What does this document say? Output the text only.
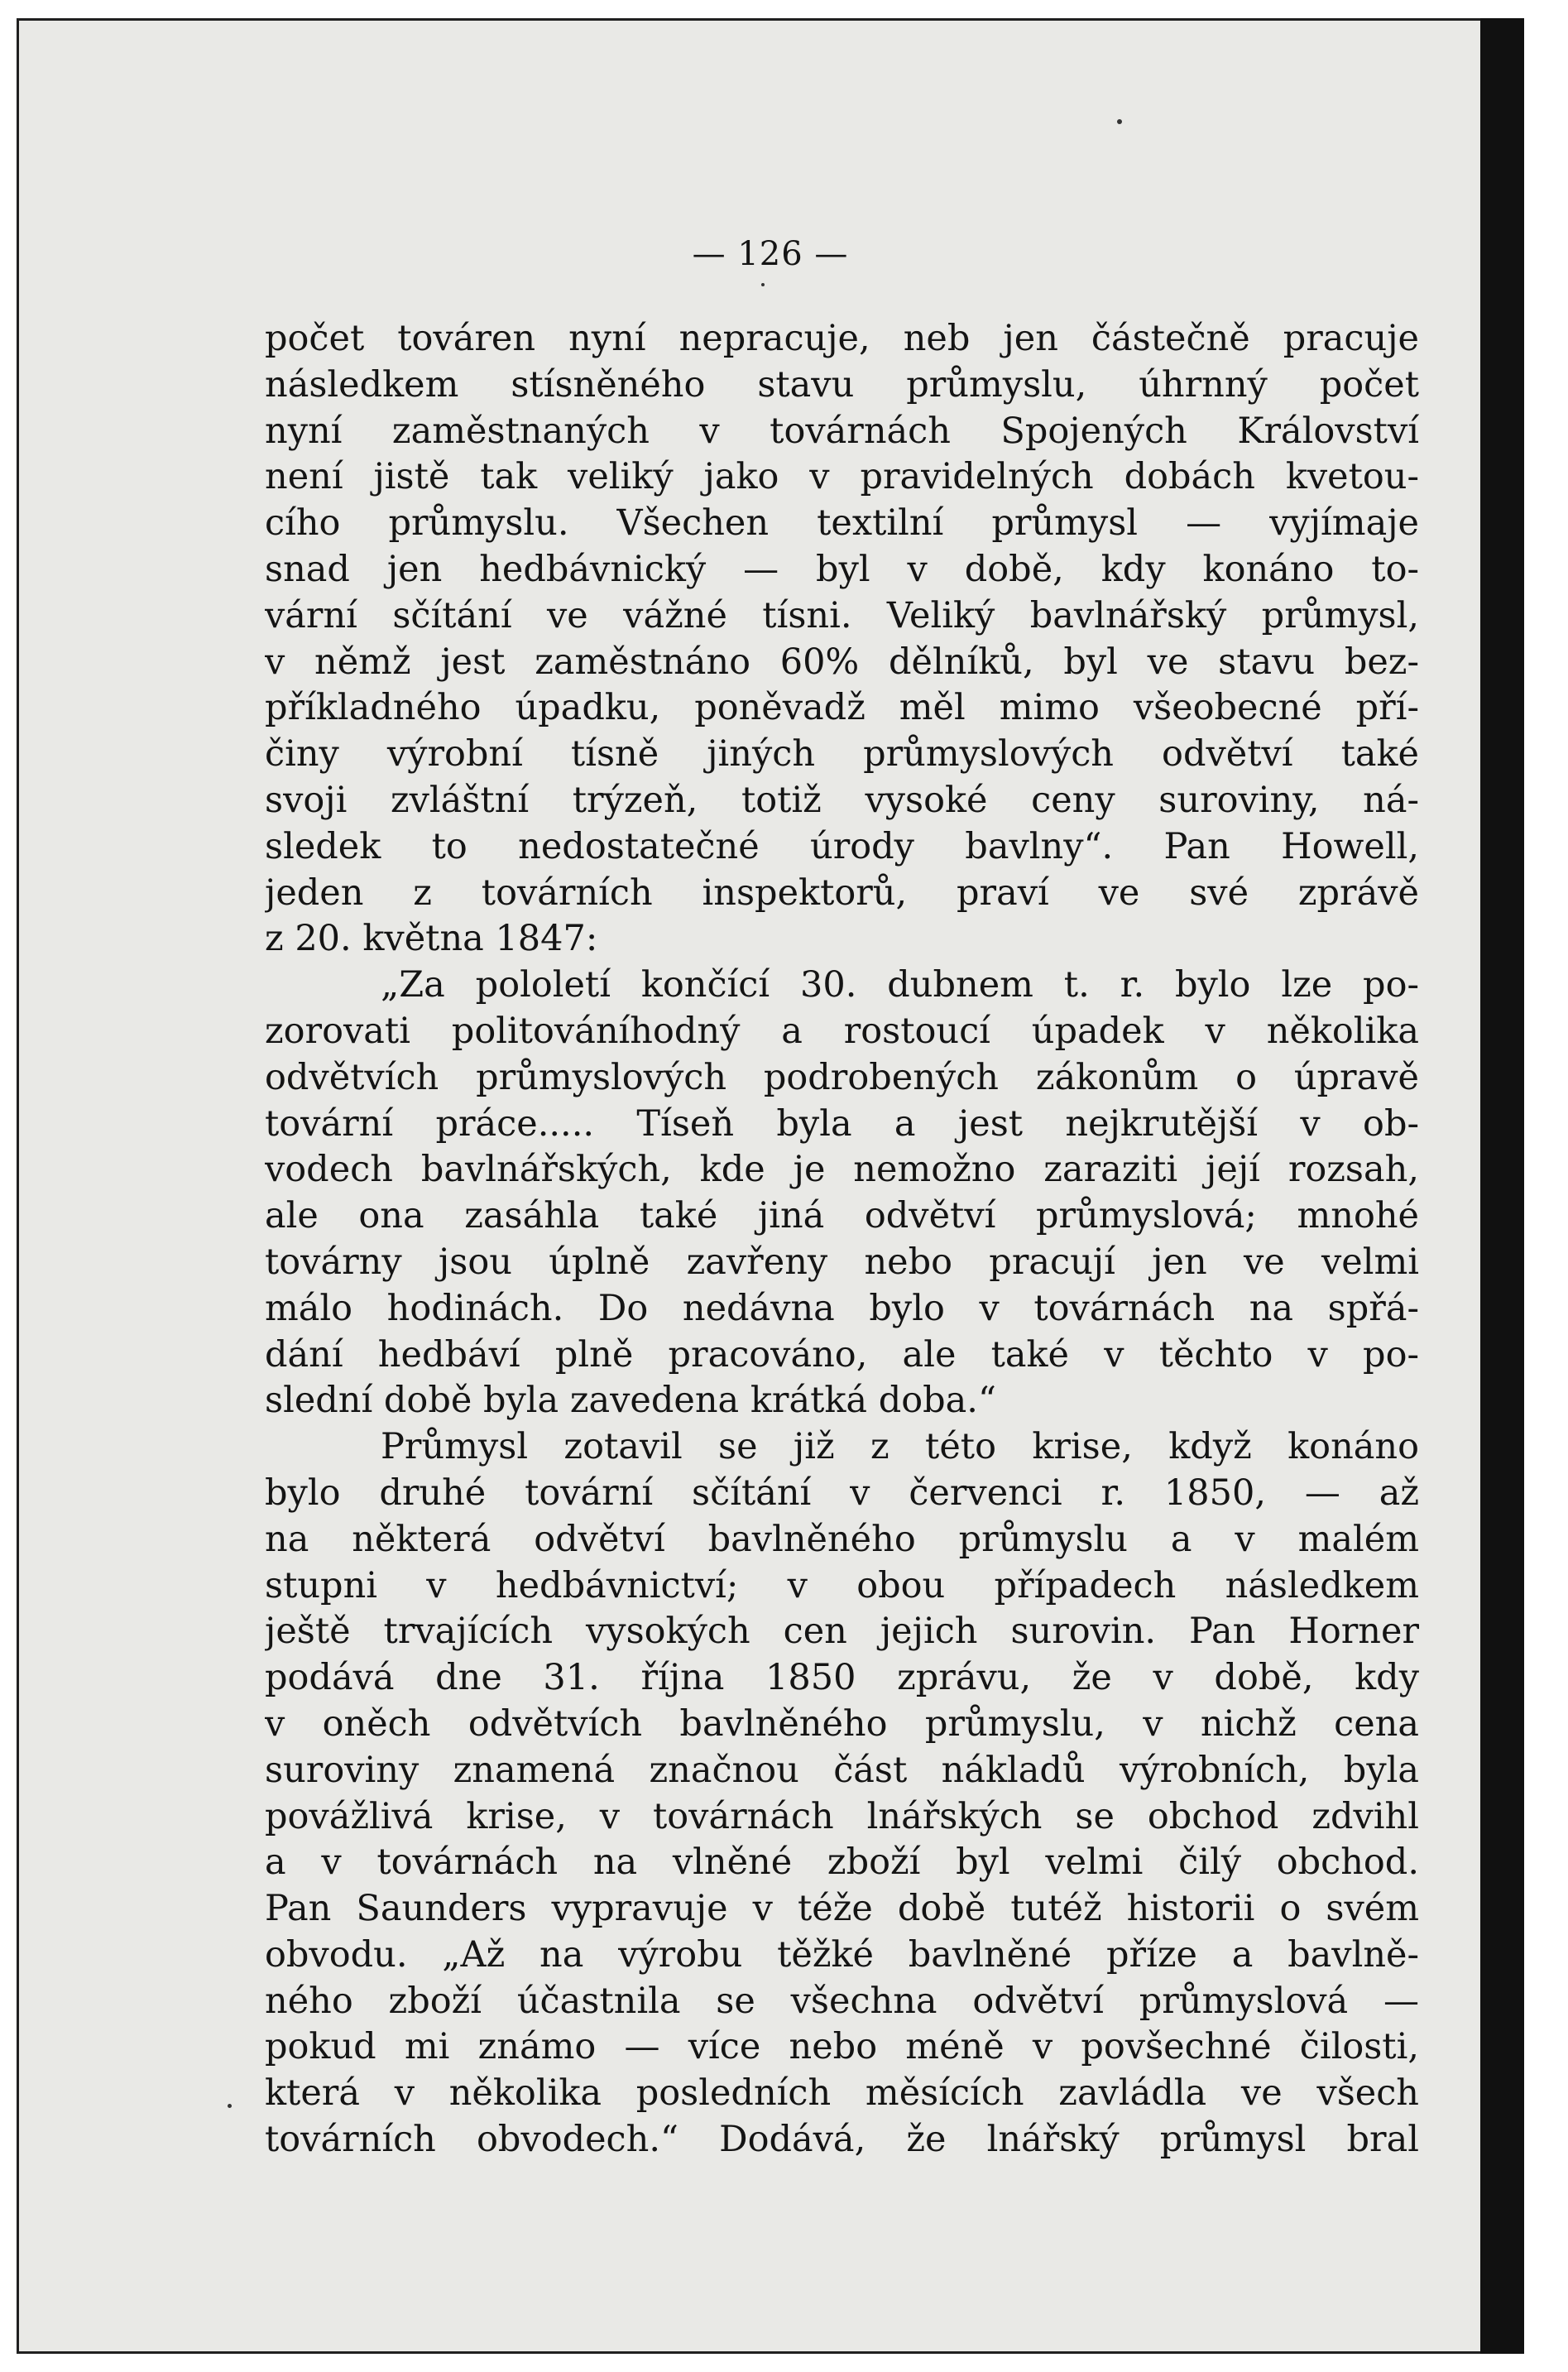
— 126 —
počet továren nyní nepracuje, neb jen částečně pracuje
následkem stísněného stavu průmyslu, úhrnný počet
nyní zaměstnaných v továrnách Spojených Království
není jistě tak veliký jako v pravidelných dobách kvetou-
cího průmyslu. Všechen textilní průmysl — vyjímaje
snad jen hedbávnický — byl v době, kdy konáno to-
vární sčítání ve vážné tísni. Veliký bavlnářský průmysl,
v němž jest zaměstnáno 60% dělníků, byl ve stavu bez-
příkladného úpadku, poněvadž měl mimo všeobecné pří-
činy výrobní tísně jiných průmyslových odvětví také
svoji zvláštní trýzeň, totiž vysoké ceny suroviny, ná-
sledek to nedostatečné úrody bavlny“. Pan Howell,
jeden z továrních inspektorů, praví ve své zprávě
z 20. května 1847:
„Za pololetí končící 30. dubnem t. r. bylo lze po-
zorovati politováníhodný a rostoucí úpadek v několika
odvětvích průmyslových podrobených zákonům o úpravě
tovární práce..... Tíseň byla a jest nejkrutější v ob-
vodech bavlnářských, kde je nemožno zaraziti její rozsah,
ale ona zasáhla také jiná odvětví průmyslová; mnohé
továrny jsou úplně zavřeny nebo pracují jen ve velmi
málo hodinách. Do nedávna bylo v továrnách na spřá-
dání hedbáví plně pracováno, ale také v těchto v po-
slední době byla zavedena krátká doba.“
Průmysl zotavil se již z této krise, když konáno
bylo druhé tovární sčítání v červenci r. 1850, — až
na některá odvětví bavlněného průmyslu a v malém
stupni v hedbávnictví; v obou případech následkem
ještě trvajících vysokých cen jejich surovin. Pan Horner
podává dne 31. října 1850 zprávu, že v době, kdy
v oněch odvětvích bavlněného průmyslu, v nichž cena
suroviny znamená značnou část nákladů výrobních, byla
povážlivá krise, v továrnách lnářských se obchod zdvihl
a v továrnách na vlněné zboží byl velmi čilý obchod.
Pan Saunders vypravuje v téže době tutéž historii o svém
obvodu. „Až na výrobu těžké bavlněné příze a bavlně-
ného zboží účastnila se všechna odvětví průmyslová —
pokud mi známo — více nebo méně v povšechné čilosti,
která v několika posledních měsících zavládla ve všech
továrních obvodech.“ Dodává, že lnářský průmysl bral
